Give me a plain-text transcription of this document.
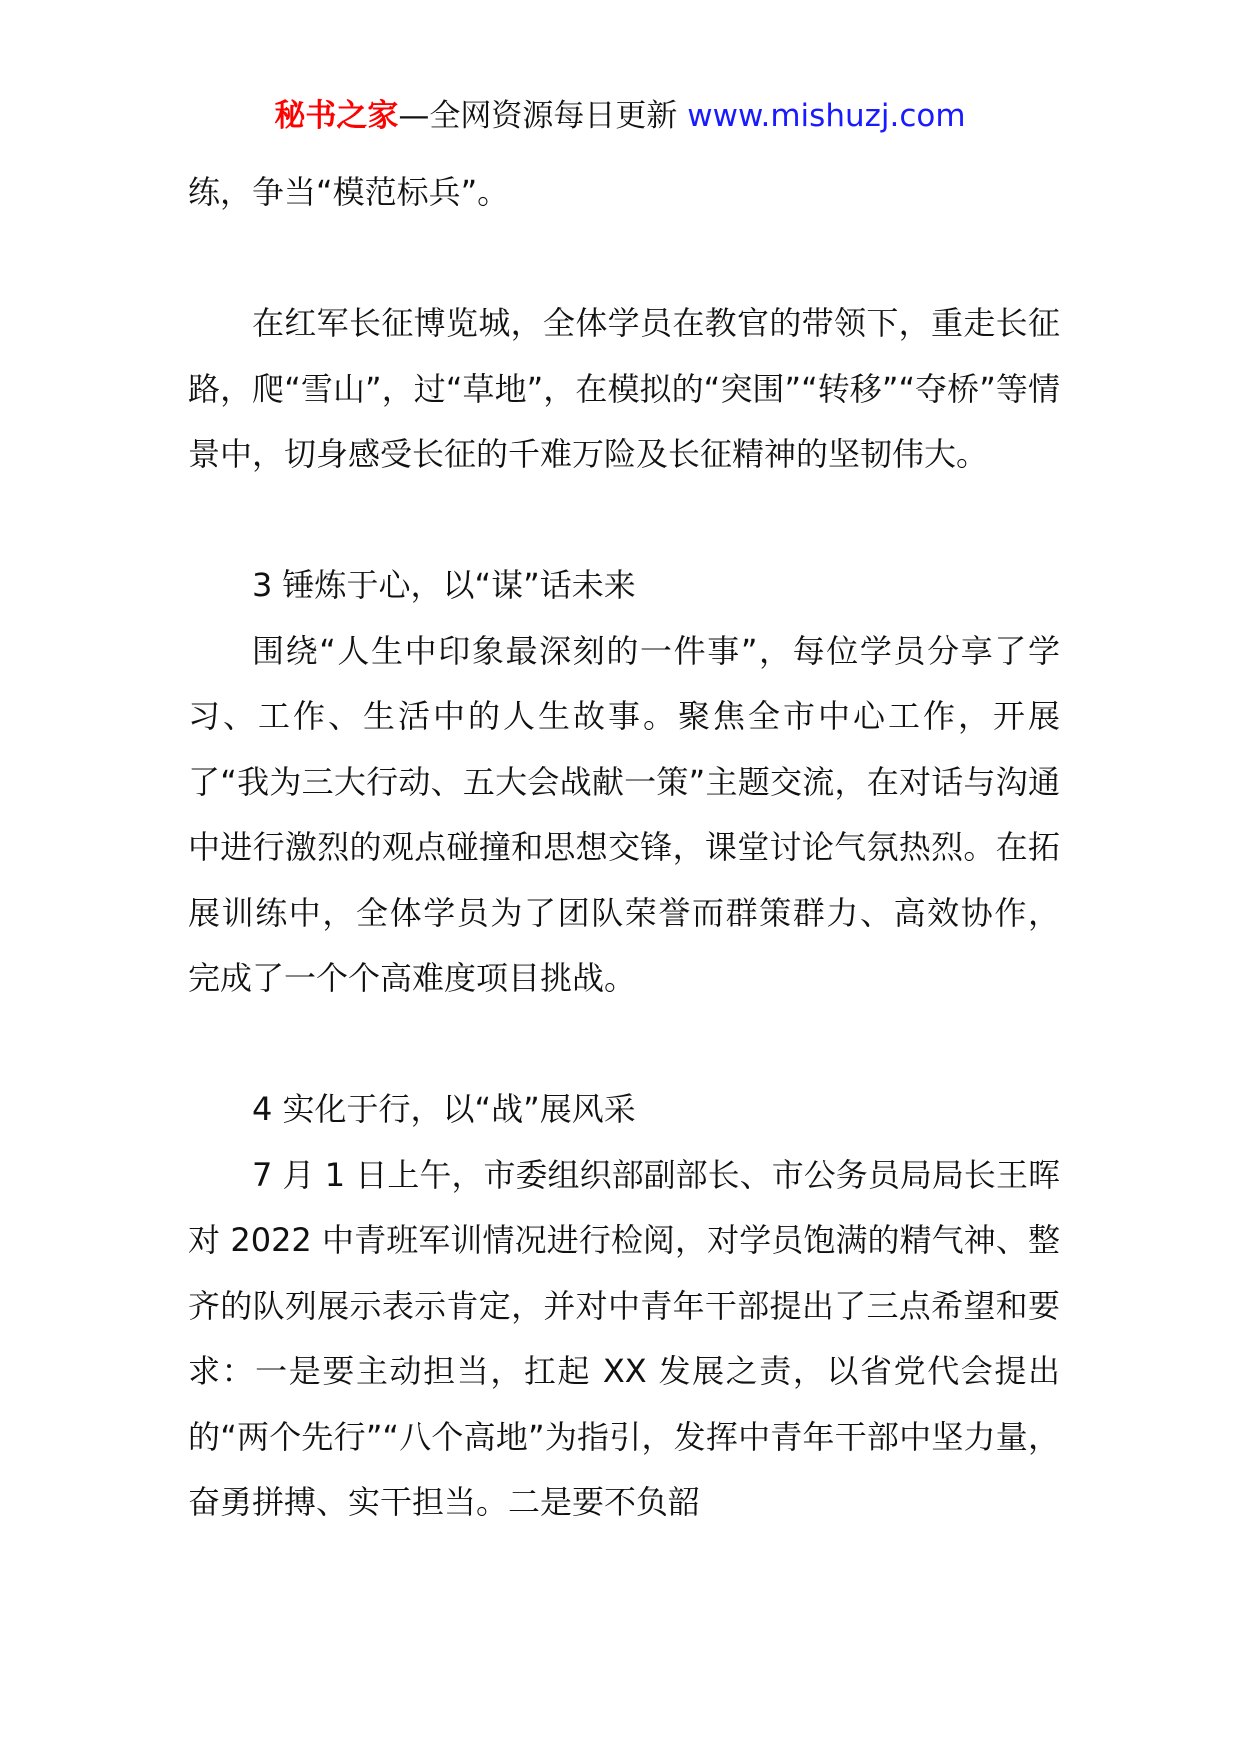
秘书之家—全网资源每日更新 www.mishuzj.com

练，争当“模范标兵”。

在红军长征博览城，全体学员在教官的带领下，重走长征路，爬“雪山”，过“草地”，在模拟的“突围”“转移”“夺桥”等情景中，切身感受长征的千难万险及长征精神的坚韧伟大。

3 锤炼于心，以“谋”话未来

围绕“人生中印象最深刻的一件事”，每位学员分享了学习、工作、生活中的人生故事。聚焦全市中心工作，开展了“我为三大行动、五大会战献一策”主题交流，在对话与沟通中进行激烈的观点碰撞和思想交锋，课堂讨论气氛热烈。在拓展训练中，全体学员为了团队荣誉而群策群力、高效协作， 完成了一个个高难度项目挑战。

4 实化于行，以“战”展风采

7 月 1 日上午，市委组织部副部长、市公务员局局长王晖对 2022 中青班军训情况进行检阅，对学员饱满的精气神、整齐的队列展示表示肯定，并对中青年干部提出了三点希望和要求：一是要主动担当，扛起 XX 发展之责，以省党代会提出的“两个先行”“八个高地”为指引，发挥中青年干部中坚力量，奋勇拼搏、实干担当。二是要不负韶
